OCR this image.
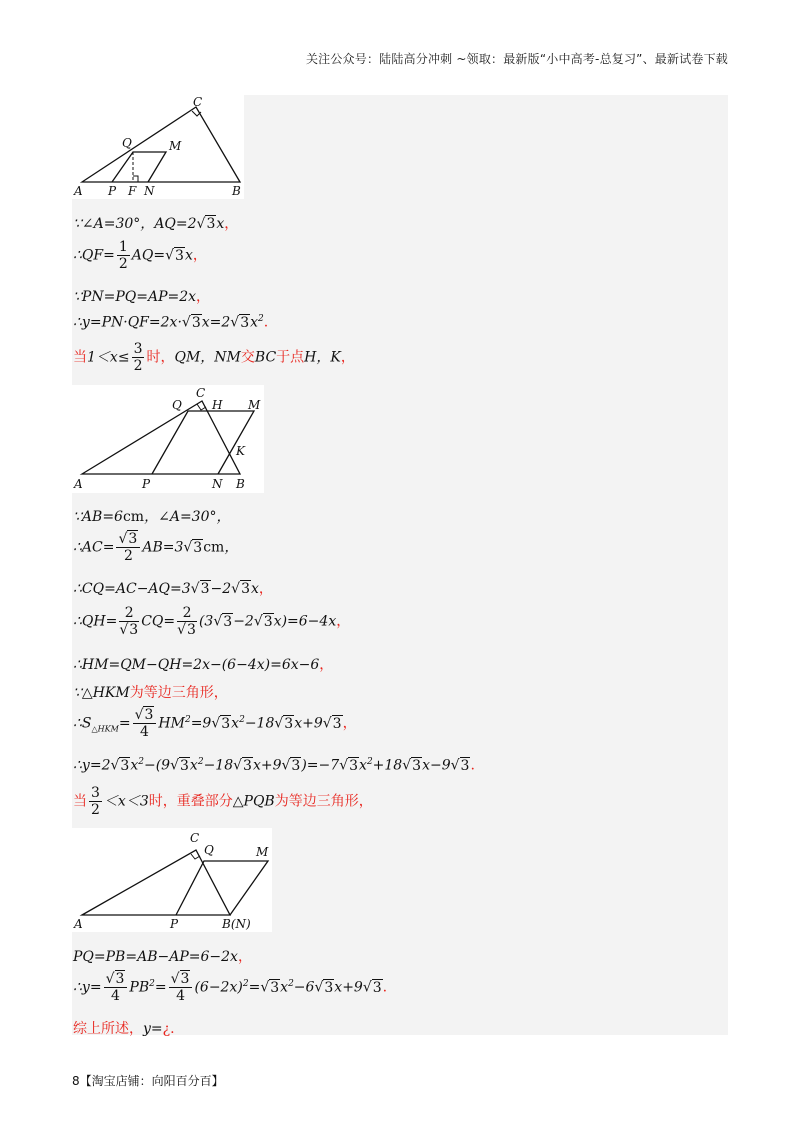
关注公众号：陆陆高分冲刺 ~领取：最新版“小中高考-总复习”、最新试卷下载
C
Q	M
A P F N	B
∵∠A=30°，AQ=2√3x，
∴QF= $\frac{1}{2} AQ=√3x$，
∵PN=PQ=AP=2x，
$\therefore y=PN\cdot QF=2x\cdot√3x=2√3x^2$.
当$1<x\le \frac{3}{2}$ 时，QM，NM交BC于点H，K，
C
Q	H M
K
A	P	N B
∵AB=6cm，∠A=30°，
∴AC= $\frac{√3}{2} AB=3√3cm$，
∴CQ=AC−AQ=3√3−2√3x，
∴QH= $\frac{2}{√3} CQ= \frac{2}{√3} (3√3-2√3x)=6-4x$，
∴HM=QM−QH=2x−(6−4x)=6x−6，
∵△HKM为等边三角形，
$\therefore S_{\triangle HKM}= \frac{√3}{4} HM^2=9√3x^2-18√3x+9√3$，
$\therefore y=2√3x^2-(9√3x^2-18√3x+9√3)=-7√3x^2+18√3x-9√3$.
当 $\frac{3}{2} <x<3$时，重叠部分△PQB为等边三角形，
C
Q	M
A	P	B(N)
PQ=PB=AB−AP=6−2x，
∴y= $\frac{√3}{4} PB^2= \frac{√3}{4} (6-2x)^2=√3x^2-6√3x+9√3$.
综上所述，y=¿.
8【淘宝店铺：向阳百分百】
